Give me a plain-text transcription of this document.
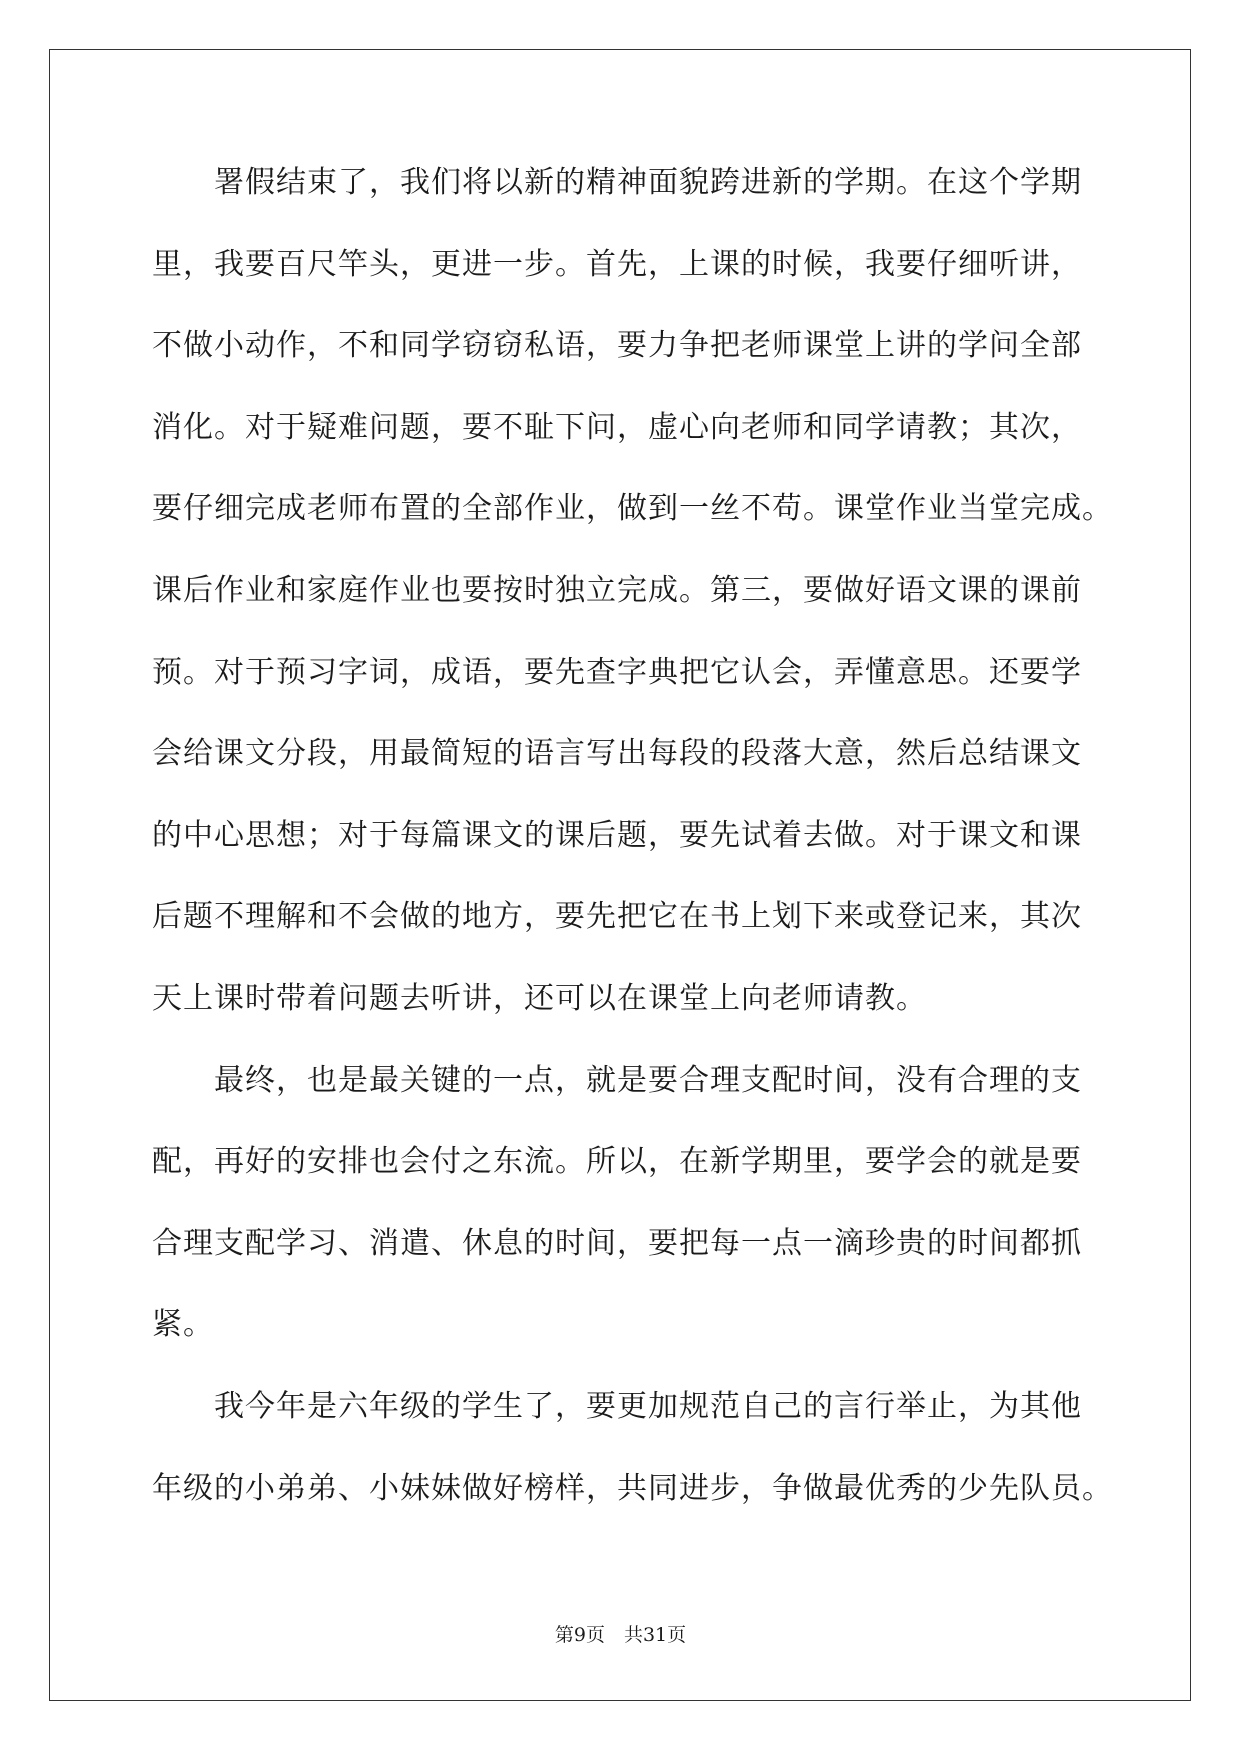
署假结束了，我们将以新的精神面貌跨进新的学期。在这个学期
里，我要百尺竿头，更进一步。首先，上课的时候，我要仔细听讲，
不做小动作，不和同学窃窃私语，要力争把老师课堂上讲的学问全部
消化。对于疑难问题，要不耻下问，虚心向老师和同学请教；其次，
要仔细完成老师布置的全部作业，做到一丝不苟。课堂作业当堂完成。
课后作业和家庭作业也要按时独立完成。第三，要做好语文课的课前
预。对于预习字词，成语，要先查字典把它认会，弄懂意思。还要学
会给课文分段，用最简短的语言写出每段的段落大意，然后总结课文
的中心思想；对于每篇课文的课后题，要先试着去做。对于课文和课
后题不理解和不会做的地方，要先把它在书上划下来或登记来，其次
天上课时带着问题去听讲，还可以在课堂上向老师请教。
最终，也是最关键的一点，就是要合理支配时间，没有合理的支
配，再好的安排也会付之东流。所以，在新学期里，要学会的就是要
合理支配学习、消遣、休息的时间，要把每一点一滴珍贵的时间都抓
紧。
我今年是六年级的学生了，要更加规范自己的言行举止，为其他
年级的小弟弟、小妹妹做好榜样，共同进步，争做最优秀的少先队员。
第9页　共31页
